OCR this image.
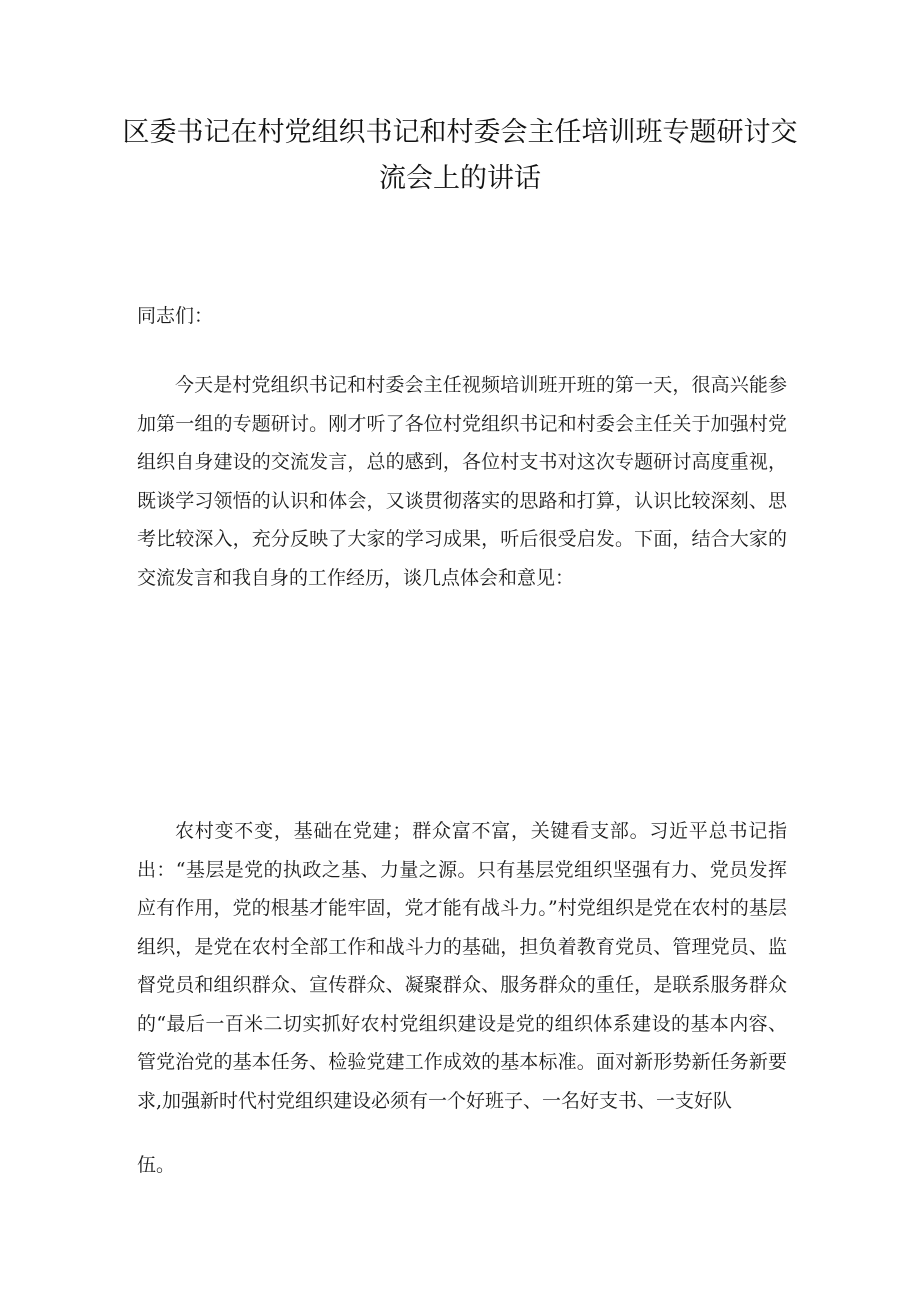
区委书记在村党组织书记和村委会主任培训班专题研讨交流会上的讲话

同志们：

今天是村党组织书记和村委会主任视频培训班开班的第一天，很高兴能参加第一组的专题研讨。刚才听了各位村党组织书记和村委会主任关于加强村党组织自身建设的交流发言，总的感到，各位村支书对这次专题研讨高度重视，既谈学习领悟的认识和体会，又谈贯彻落实的思路和打算，认识比较深刻、思考比较深入，充分反映了大家的学习成果，听后很受启发。下面，结合大家的交流发言和我自身的工作经历，谈几点体会和意见：

农村变不变，基础在党建；群众富不富，关键看支部。习近平总书记指出：“基层是党的执政之基、力量之源。只有基层党组织坚强有力、党员发挥应有作用，党的根基才能牢固，党才能有战斗力。”村党组织是党在农村的基层组织，是党在农村全部工作和战斗力的基础，担负着教育党员、管理党员、监督党员和组织群众、宣传群众、凝聚群众、服务群众的重任，是联系服务群众的“最后一百米二切实抓好农村党组织建设是党的组织体系建设的基本内容、管党治党的基本任务、检验党建工作成效的基本标准。面对新形势新任务新要求,加强新时代村党组织建设必须有一个好班子、一名好支书、一支好队

伍。
